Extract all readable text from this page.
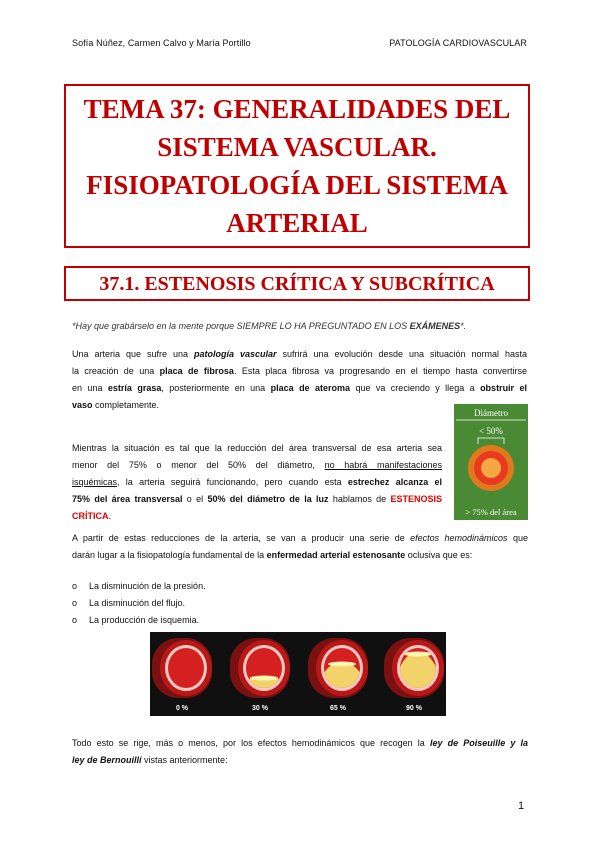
Sofía Núñez, Carmen Calvo y María Portillo	PATOLOGÍA CARDIOVASCULAR
TEMA 37: GENERALIDADES DEL
SISTEMA VASCULAR.
FISIOPATOLOGÍA DEL SISTEMA
ARTERIAL
37.1. ESTENOSIS CRÍTICA Y SUBCRÍTICA
*Hay que grabárselo en la mente porque SIEMPRE LO HA PREGUNTADO EN LOS EXÁMENES*.
Una arteria que sufre una patología vascular sufrirá una evolución desde una situación normal hasta
la creación de una placa de fibrosa. Esta placa fibrosa va progresando en el tiempo hasta convertirse
en una estría grasa, posteriormente en una placa de ateroma que va creciendo y llega a obstruir el
vaso completamente.
Mientras la situación es tal que la reducción del área transversal de esa arteria sea
menor del 75% o menor del 50% del diámetro, no habrá manifestaciones
isquémicas, la arteria seguirá funcionando, pero cuando esta estrechez alcanza el
75% del área transversal o el 50% del diámetro de la luz hablamos de ESTENOSIS
CRÍTICA.
Diámetro
< 50%
> 75% del área
A partir de estas reducciones de la arteria, se van a producir una serie de efectos hemodinámicos que
darán lugar a la fisiopatología fundamental de la enfermedad arterial estenosante oclusiva que es:
o La disminución de la presión.
o La disminución del flujo.
o La producción de isquemia.
0 %	30 %	65 %	90 %
Todo esto se rige, más o menos, por los efectos hemodinámicos que recogen la ley de Poiseuille y la
ley de Bernouilli vistas anteriormente:
1
